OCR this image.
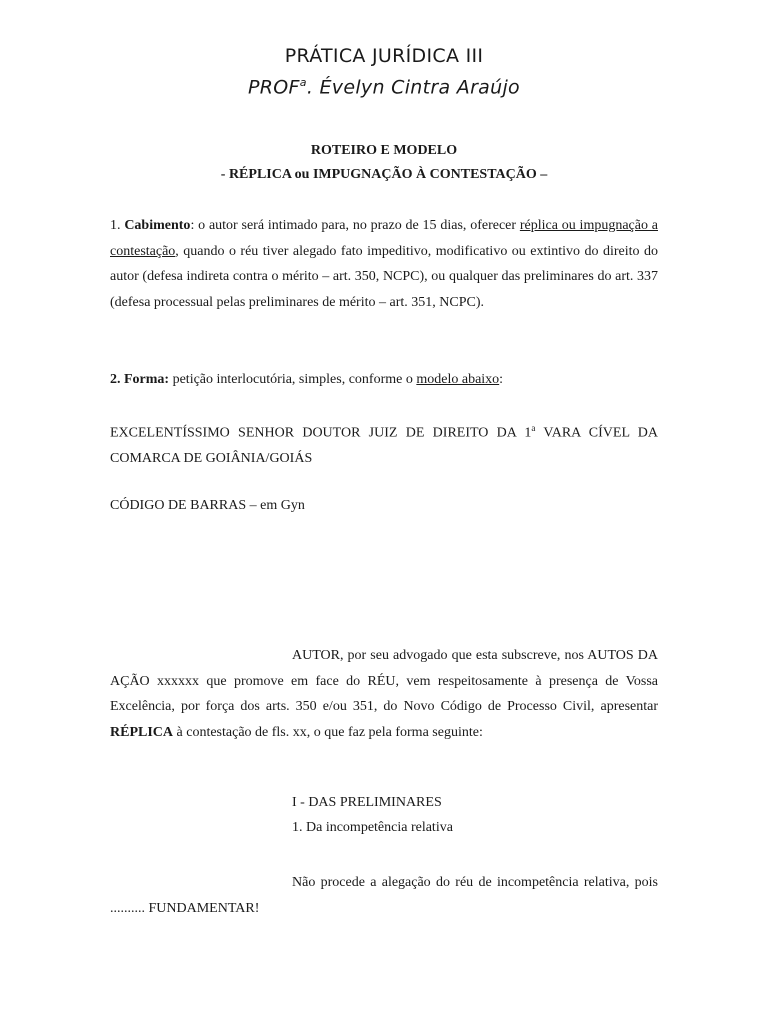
PRÁTICA JURÍDICA III
PROF$^a$. Évelyn Cintra Araújo
ROTEIRO E MODELO
- RÉPLICA ou IMPUGNAÇÃO À CONTESTAÇÃO –

1. Cabimento: o autor será intimado para, no prazo de 15 dias, oferecer réplica ou impugnação a contestação, quando o réu tiver alegado fato impeditivo, modificativo ou extintivo do direito do autor (defesa indireta contra o mérito – art. 350, NCPC), ou qualquer das preliminares do art. 337 (defesa processual pelas preliminares de mérito – art. 351, NCPC).

2. Forma: petição interlocutória, simples, conforme o modelo abaixo:

EXCELENTÍSSIMO SENHOR DOUTOR JUIZ DE DIREITO DA 1$^a$ VARA CÍVEL DA COMARCA DE GOIÂNIA/GOIÁS

CÓDIGO DE BARRAS – em Gyn

AUTOR, por seu advogado que esta subscreve, nos AUTOS DA AÇÃO xxxxxx que promove em face do RÉU, vem respeitosamente à presença de Vossa Excelência, por força dos arts. 350 e/ou 351, do Novo Código de Processo Civil, apresentar RÉPLICA à contestação de fls. xx, o que faz pela forma seguinte:

I - DAS PRELIMINARES
1. Da incompetência relativa

Não procede a alegação do réu de incompetência relativa, pois .......... FUNDAMENTAR!
